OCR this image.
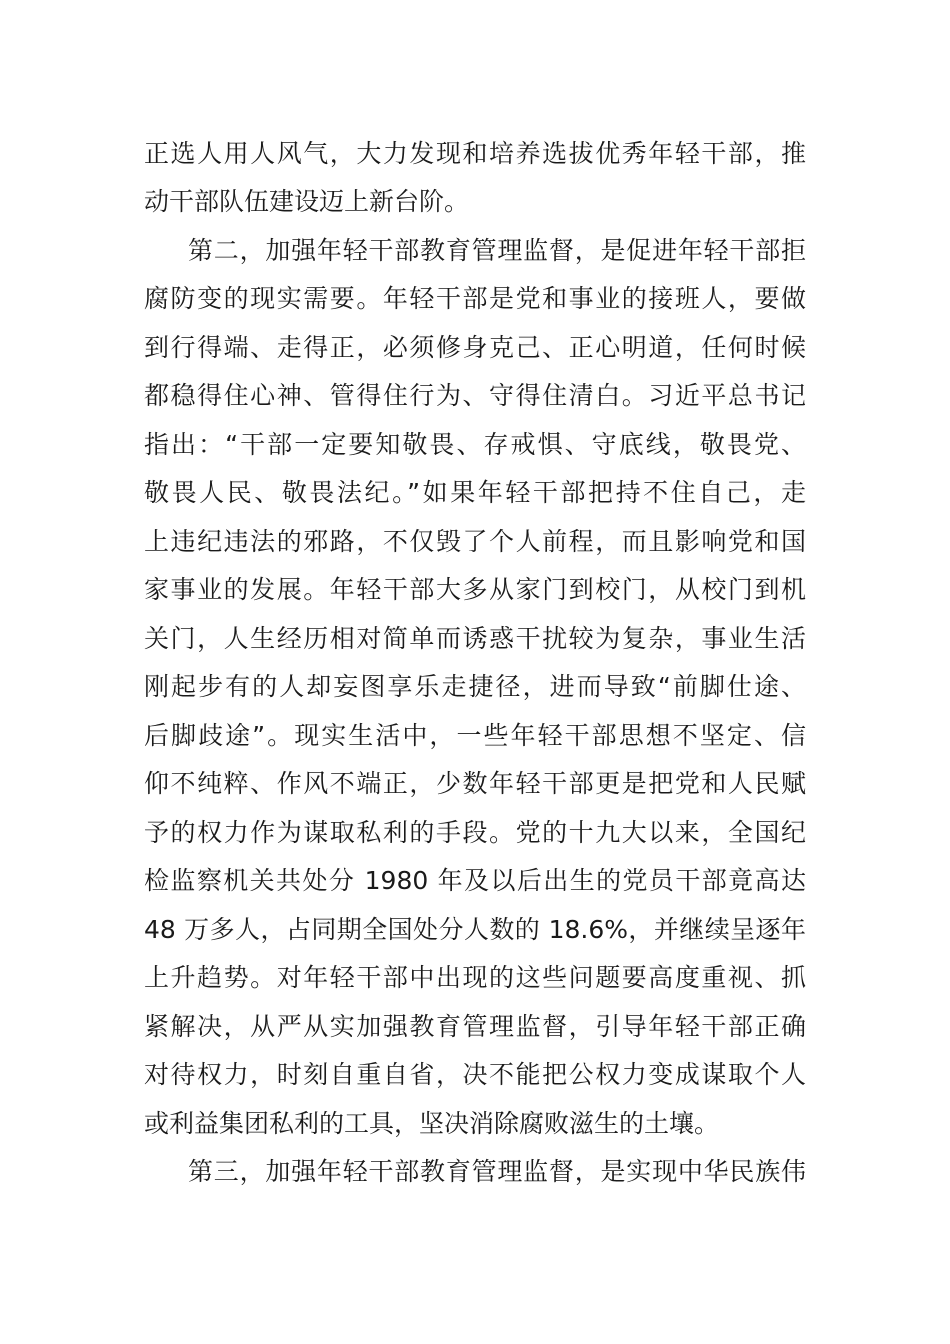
正选人用人风气，大力发现和培养选拔优秀年轻干部，推
动干部队伍建设迈上新台阶。
第二，加强年轻干部教育管理监督，是促进年轻干部拒
腐防变的现实需要。年轻干部是党和事业的接班人，要做
到行得端、走得正，必须修身克己、正心明道，任何时候
都稳得住心神、管得住行为、守得住清白。习近平总书记
指出：“干部一定要知敬畏、存戒惧、守底线，敬畏党、
敬畏人民、敬畏法纪。”如果年轻干部把持不住自己，走
上违纪违法的邪路，不仅毁了个人前程，而且影响党和国
家事业的发展。年轻干部大多从家门到校门，从校门到机
关门，人生经历相对简单而诱惑干扰较为复杂，事业生活
刚起步有的人却妄图享乐走捷径，进而导致“前脚仕途、
后脚歧途”。现实生活中，一些年轻干部思想不坚定、信
仰不纯粹、作风不端正，少数年轻干部更是把党和人民赋
予的权力作为谋取私利的手段。党的十九大以来，全国纪
检监察机关共处分 1980 年及以后出生的党员干部竟高达
48 万多人，占同期全国处分人数的 18.6%，并继续呈逐年
上升趋势。对年轻干部中出现的这些问题要高度重视、抓
紧解决，从严从实加强教育管理监督，引导年轻干部正确
对待权力，时刻自重自省，决不能把公权力变成谋取个人
或利益集团私利的工具，坚决消除腐败滋生的土壤。
第三，加强年轻干部教育管理监督，是实现中华民族伟
